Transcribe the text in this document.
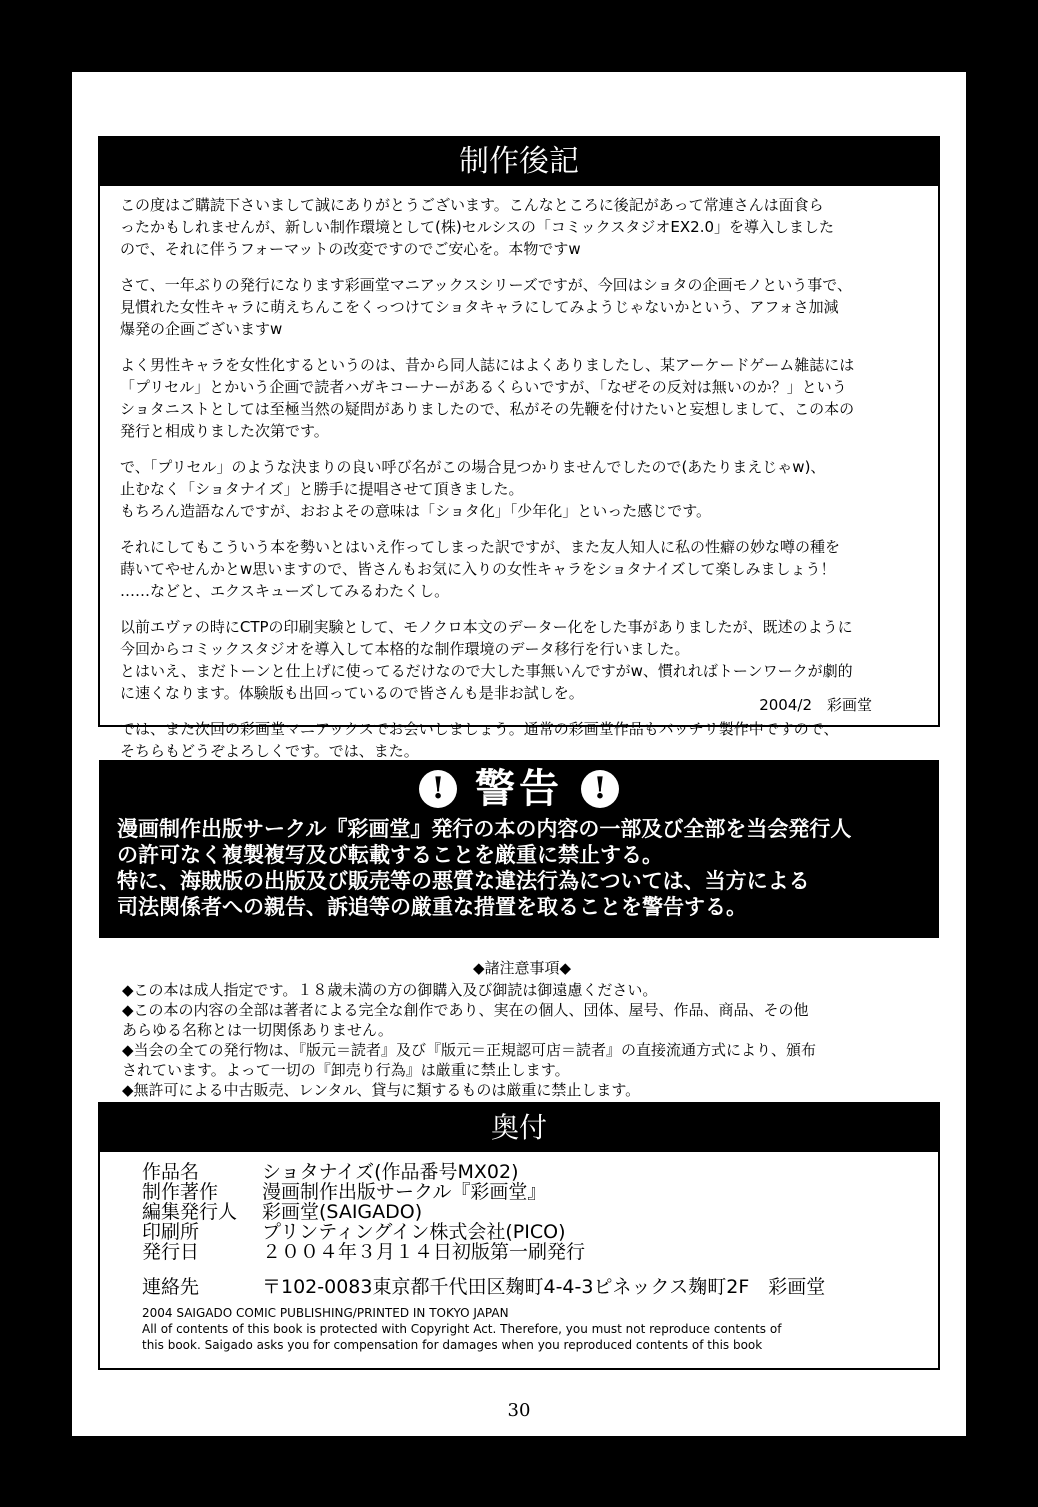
制作後記
この度はご購読下さいまして誠にありがとうございます。こんなところに後記があって常連さんは面食ら
ったかもしれませんが、新しい制作環境として(株)セルシスの「コミックスタジオEX2.0」を導入しました
ので、それに伴うフォーマットの改変ですのでご安心を。本物ですw
さて、一年ぶりの発行になります彩画堂マニアックスシリーズですが、今回はショタの企画モノという事で、
見慣れた女性キャラに萌えちんこをくっつけてショタキャラにしてみようじゃないかという、アフォさ加減
爆発の企画ございますw
よく男性キャラを女性化するというのは、昔から同人誌にはよくありましたし、某アーケードゲーム雑誌には
「プリセル」とかいう企画で読者ハガキコーナーがあるくらいですが、「なぜその反対は無いのか？」という
ショタニストとしては至極当然の疑問がありましたので、私がその先鞭を付けたいと妄想しまして、この本の
発行と相成りました次第です。
で、「プリセル」のような決まりの良い呼び名がこの場合見つかりませんでしたので(あたりまえじゃw)、
止むなく「ショタナイズ」と勝手に提唱させて頂きました。
もちろん造語なんですが、おおよその意味は「ショタ化」「少年化」といった感じです。
それにしてもこういう本を勢いとはいえ作ってしまった訳ですが、また友人知人に私の性癖の妙な噂の種を
蒔いてやせんかとw思いますので、皆さんもお気に入りの女性キャラをショタナイズして楽しみましょう！
……などと、エクスキューズしてみるわたくし。
以前エヴァの時にCTPの印刷実験として、モノクロ本文のデーター化をした事がありましたが、既述のように
今回からコミックスタジオを導入して本格的な制作環境のデータ移行を行いました。
とはいえ、まだトーンと仕上げに使ってるだけなので大した事無いんですがw、慣れればトーンワークが劇的
に速くなります。体験版も出回っているので皆さんも是非お試しを。
では、また次回の彩画堂マニアックスでお会いしましょう。通常の彩画堂作品もバッチリ製作中ですので、
そちらもどうぞよろしくです。では、また。
2004/2　彩画堂
! 警告 !
漫画制作出版サークル『彩画堂』発行の本の内容の一部及び全部を当会発行人
の許可なく複製複写及び転載することを厳重に禁止する。
特に、海賊版の出版及び販売等の悪質な違法行為については、当方による
司法関係者への親告、訴追等の厳重な措置を取ることを警告する。
◆諸注意事項◆
◆この本は成人指定です。１８歳未満の方の御購入及び御読は御遠慮ください。
◆この本の内容の全部は著者による完全な創作であり、実在の個人、団体、屋号、作品、商品、その他
あらゆる名称とは一切関係ありません。
◆当会の全ての発行物は、『版元＝読者』及び『版元＝正規認可店＝読者』の直接流通方式により、頒布
されています。よって一切の『卸売り行為』は厳重に禁止します。
◆無許可による中古販売、レンタル、貸与に類するものは厳重に禁止します。
奥付
作品名	ショタナイズ(作品番号MX02)
制作著作	漫画制作出版サークル『彩画堂』
編集発行人	彩画堂(SAIGADO)
印刷所	プリンティングイン株式会社(PICO)
発行日	２００４年３月１４日初版第一刷発行
連絡先	〒102-0083東京都千代田区麹町4-4-3ピネックス麹町2F　彩画堂
2004 SAIGADO COMIC PUBLISHING/PRINTED IN TOKYO JAPAN
All of contents of this book is protected with Copyright Act. Therefore, you must not reproduce contents of
this book. Saigado asks you for compensation for damages when you reproduced contents of this book
30
